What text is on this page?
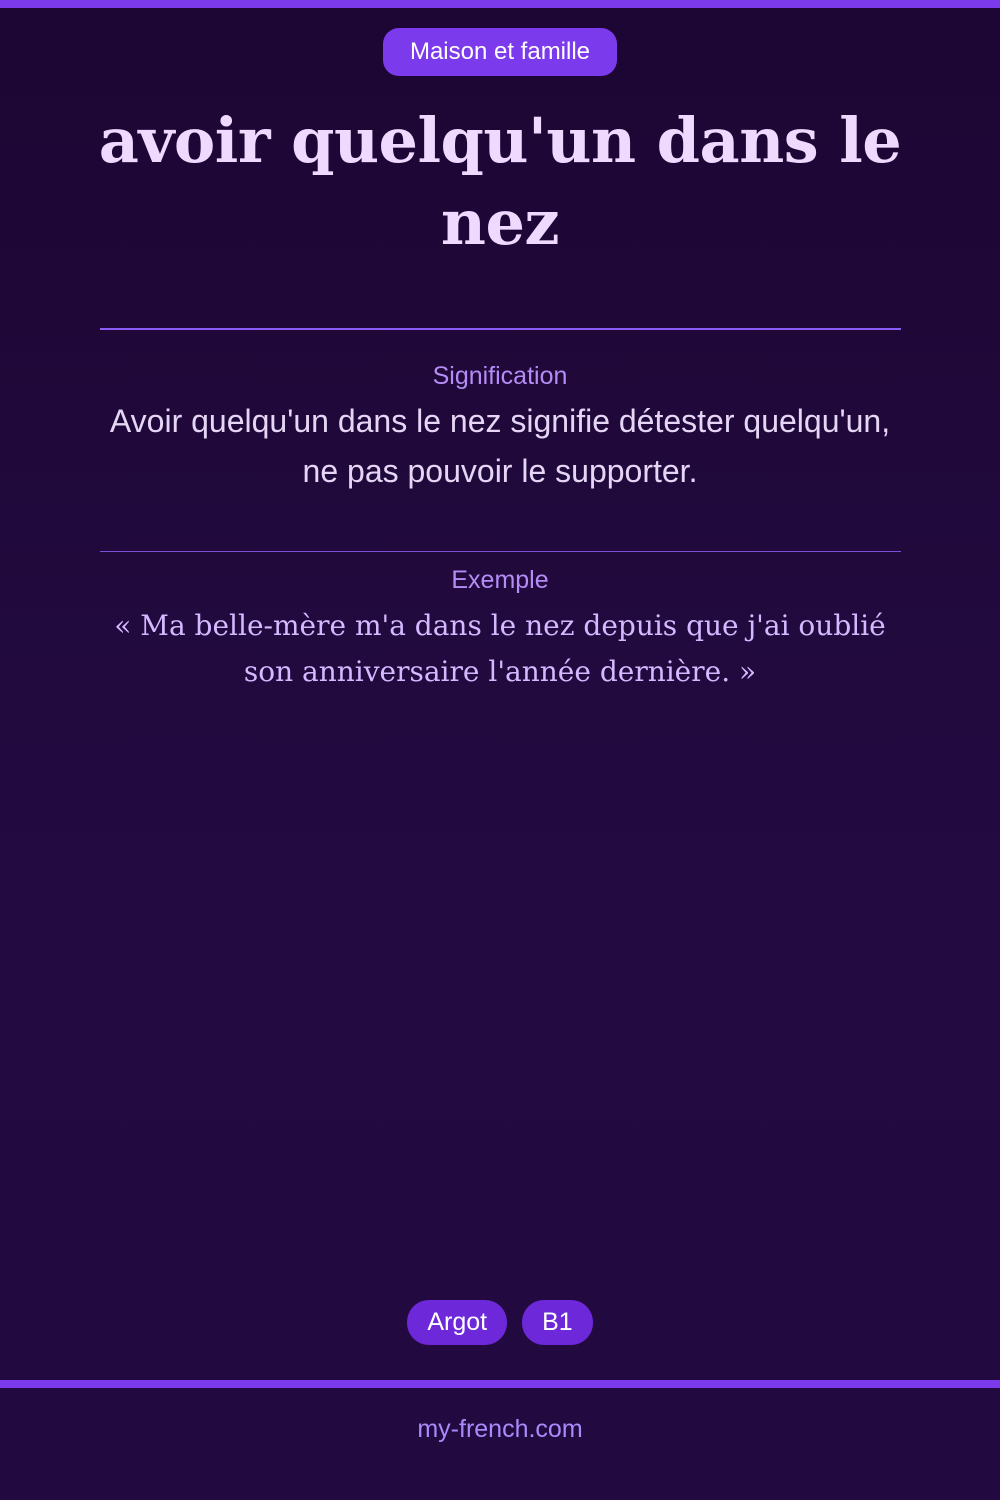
Maison et famille
avoir quelqu'un dans le nez
Signification
Avoir quelqu'un dans le nez signifie détester quelqu'un, ne pas pouvoir le supporter.
Exemple
« Ma belle-mère m'a dans le nez depuis que j'ai oublié son anniversaire l'année dernière. »
Argot	B1
my-french.com
